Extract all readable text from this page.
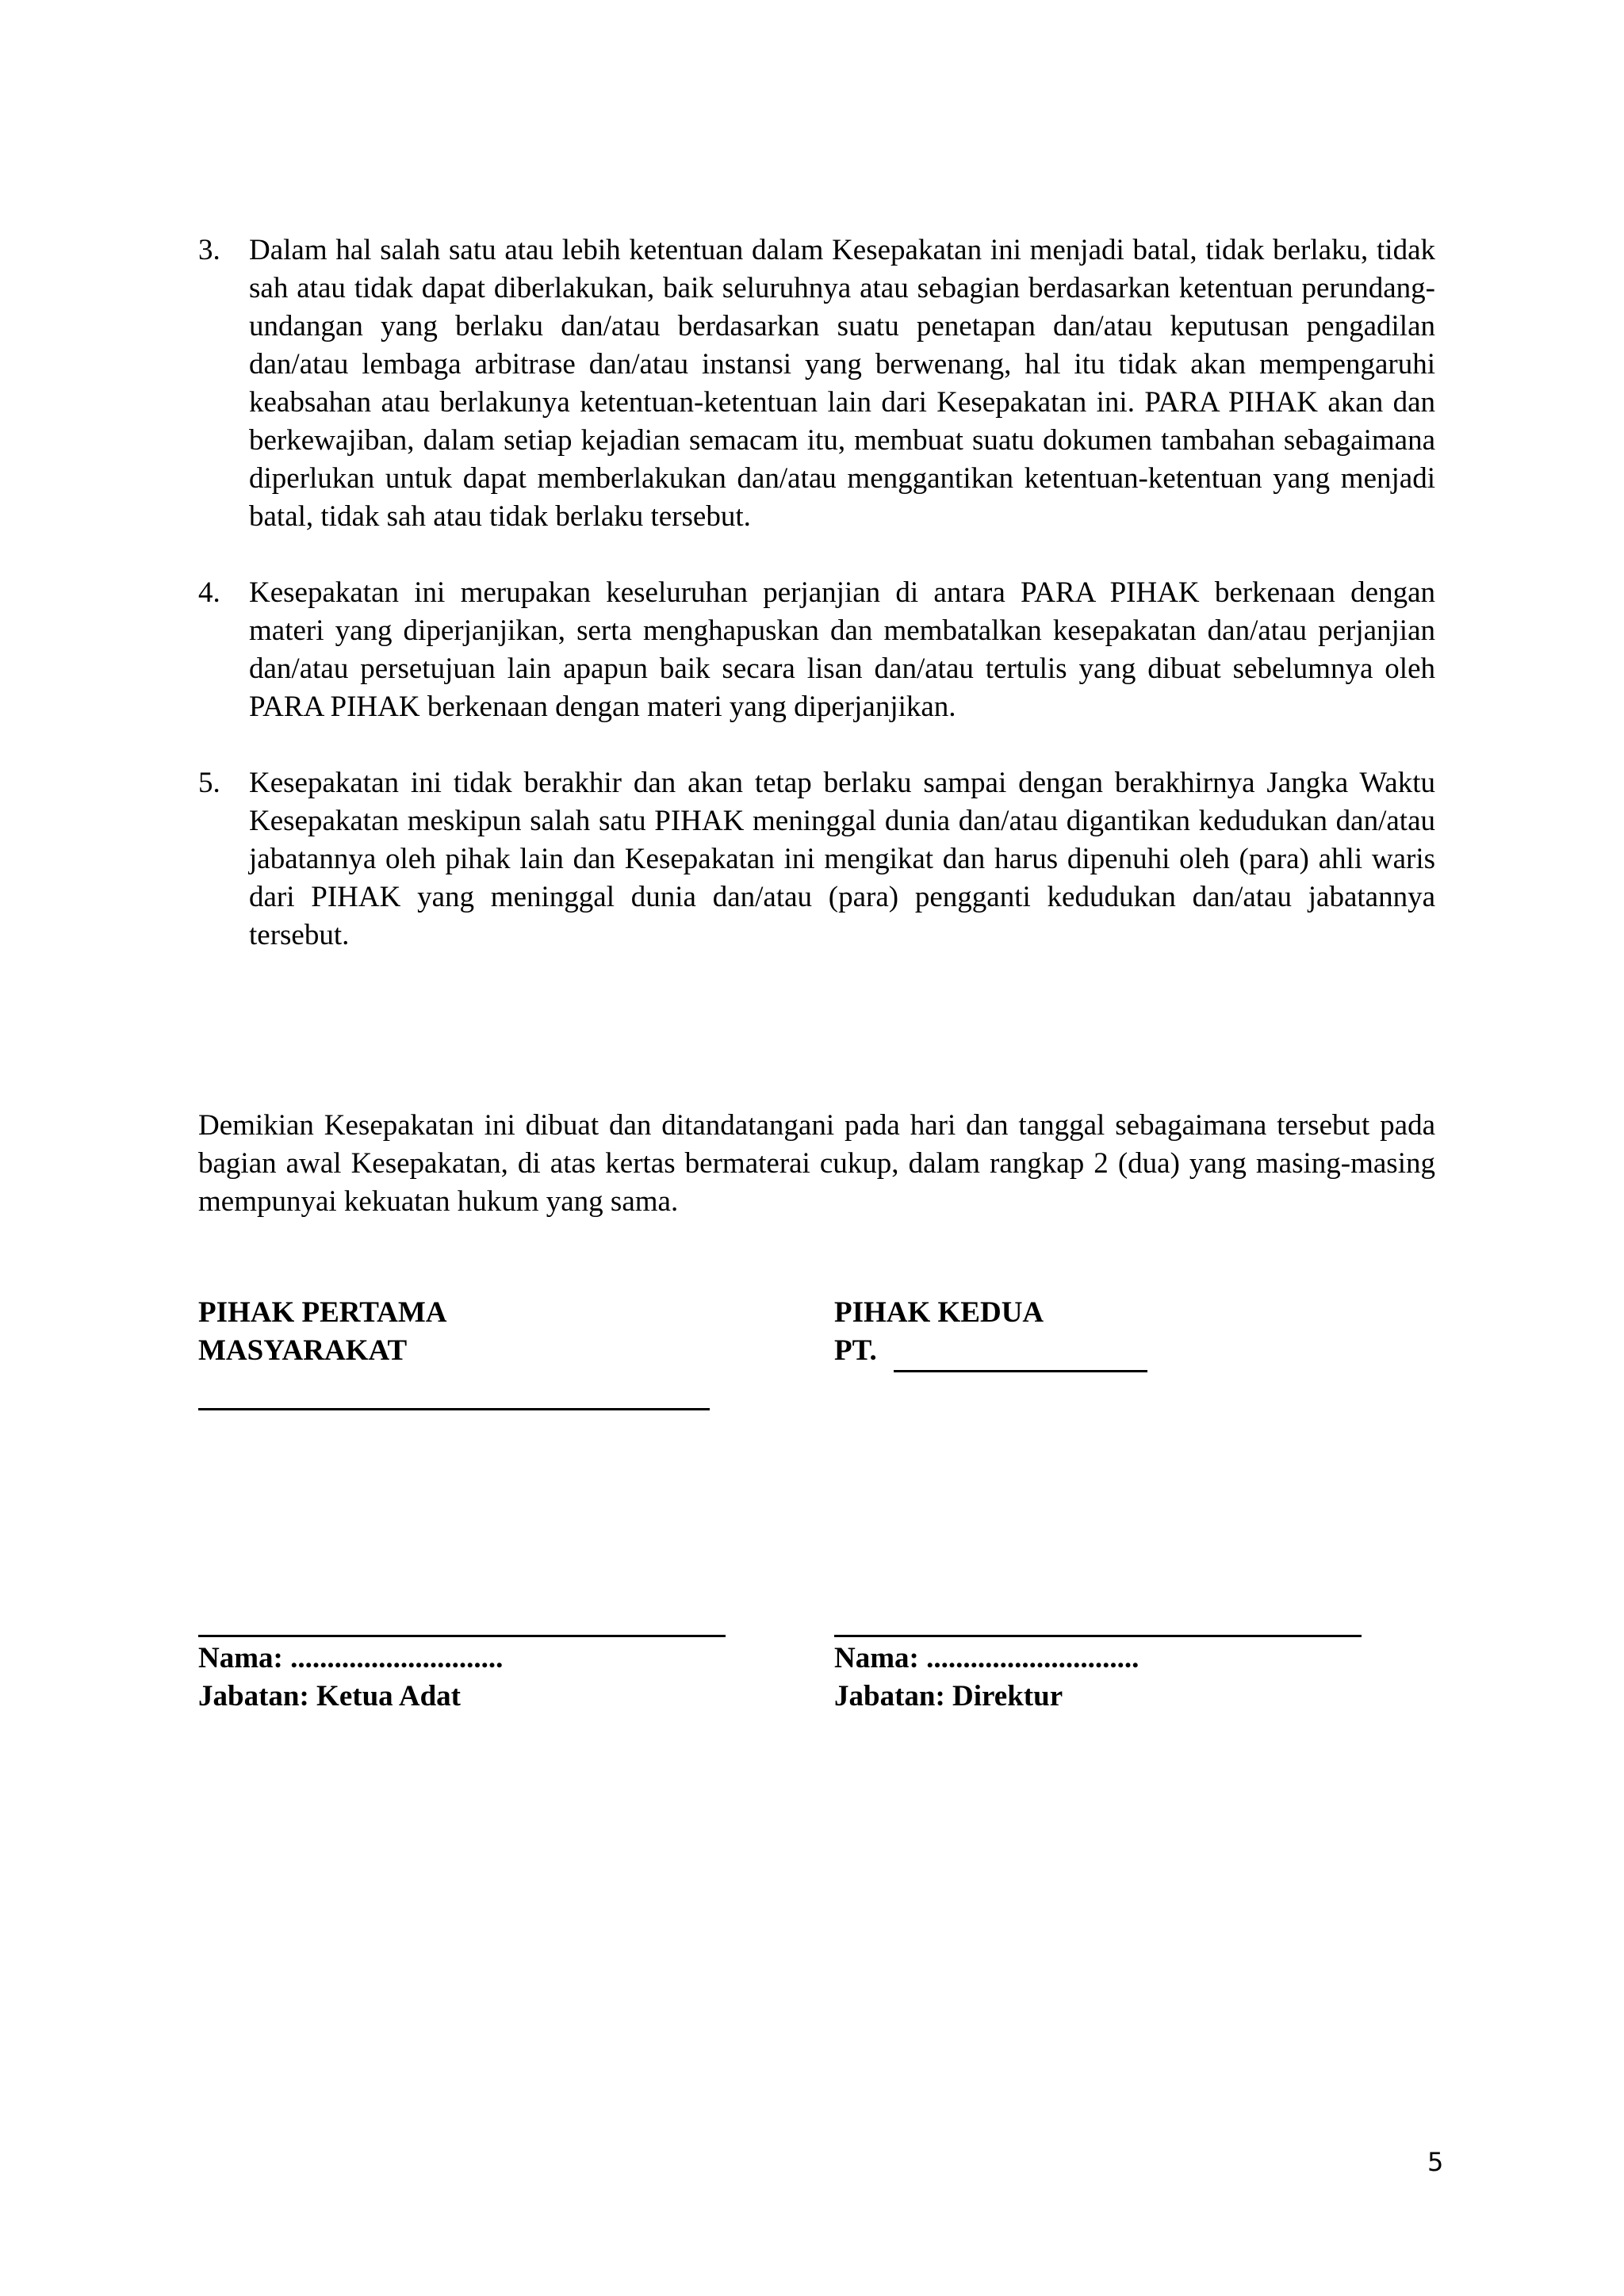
3. Dalam hal salah satu atau lebih ketentuan dalam Kesepakatan ini menjadi batal, tidak berlaku, tidak sah atau tidak dapat diberlakukan, baik seluruhnya atau sebagian berdasarkan ketentuan perundang-undangan yang berlaku dan/atau berdasarkan suatu penetapan dan/atau keputusan pengadilan dan/atau lembaga arbitrase dan/atau instansi yang berwenang, hal itu tidak akan mempengaruhi keabsahan atau berlakunya ketentuan-ketentuan lain dari Kesepakatan ini. PARA PIHAK akan dan berkewajiban, dalam setiap kejadian semacam itu, membuat suatu dokumen tambahan sebagaimana diperlukan untuk dapat memberlakukan dan/atau menggantikan ketentuan-ketentuan yang menjadi batal, tidak sah atau tidak berlaku tersebut.
4. Kesepakatan ini merupakan keseluruhan perjanjian di antara PARA PIHAK berkenaan dengan materi yang diperjanjikan, serta menghapuskan dan membatalkan kesepakatan dan/atau perjanjian dan/atau persetujuan lain apapun baik secara lisan dan/atau tertulis yang dibuat sebelumnya oleh PARA PIHAK berkenaan dengan materi yang diperjanjikan.
5. Kesepakatan ini tidak berakhir dan akan tetap berlaku sampai dengan berakhirnya Jangka Waktu Kesepakatan meskipun salah satu PIHAK meninggal dunia dan/atau digantikan kedudukan dan/atau jabatannya oleh pihak lain dan Kesepakatan ini mengikat dan harus dipenuhi oleh (para) ahli waris dari PIHAK yang meninggal dunia dan/atau (para) pengganti kedudukan dan/atau jabatannya tersebut.

Demikian Kesepakatan ini dibuat dan ditandatangani pada hari dan tanggal sebagaimana tersebut pada bagian awal Kesepakatan, di atas kertas bermaterai cukup, dalam rangkap 2 (dua) yang masing-masing mempunyai kekuatan hukum yang sama.

PIHAK PERTAMA
MASYARAKAT
PIHAK KEDUA
PT.
Nama: .............................
Jabatan: Ketua Adat
Nama: .............................
Jabatan: Direktur
5
